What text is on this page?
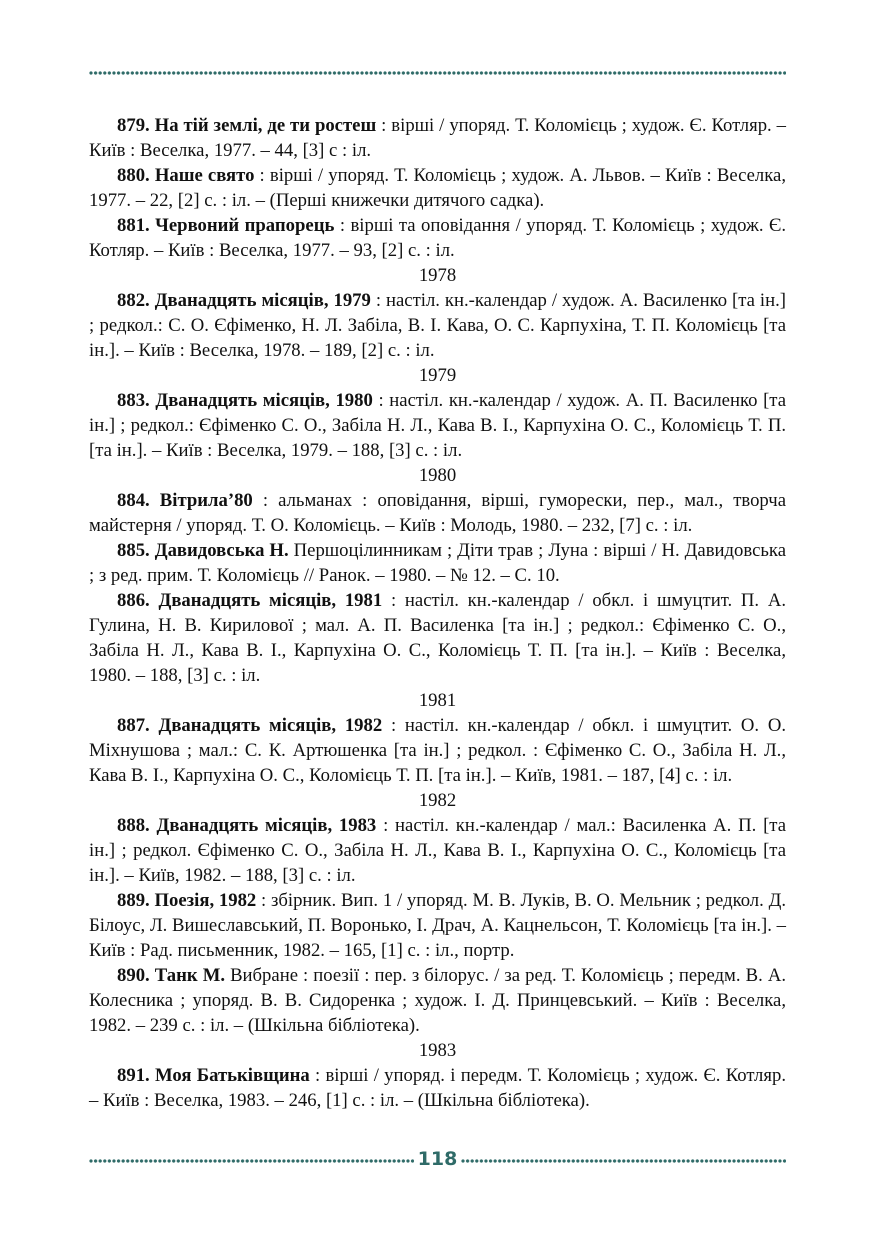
879. На тій землі, де ти ростеш : вірші / упоряд. Т. Коломієць ; худож. Є. Котляр. – Київ : Веселка, 1977. – 44, [3] с : іл.

880. Наше свято : вірші / упоряд. Т. Коломієць ; худож. А. Львов. – Київ : Веселка, 1977. – 22, [2] с. : іл. – (Перші книжечки дитячого садка).

881. Червоний прапорець : вірші та оповідання / упоряд. Т. Коломієць ; худож. Є. Котляр. – Київ : Веселка, 1977. – 93, [2] с. : іл.

1978

882. Дванадцять місяців, 1979 : настіл. кн.-календар / худож. А. Василенко [та ін.] ; редкол.: С. О. Єфіменко, Н. Л. Забіла, В. І. Кава, О. С. Карпухіна, Т. П. Коломієць [та ін.]. – Київ : Веселка, 1978. – 189, [2] с. : іл.

1979

883. Дванадцять місяців, 1980 : настіл. кн.-календар / худож. А. П. Василенко [та ін.] ; редкол.: Єфіменко С. О., Забіла Н. Л., Кава В. І., Карпухіна О. С., Коломієць Т. П. [та ін.]. – Київ : Веселка, 1979. – 188, [3] с. : іл.

1980

884. Вітрила’80 : альманах : оповідання, вірші, гуморески, пер., мал., творча майстерня / упоряд. Т. О. Коломієць. – Київ : Молодь, 1980. – 232, [7] с. : іл.

885. Давидовська Н. Першоцілинникам ; Діти трав ; Луна : вірші / Н. Давидовська ; з ред. прим. Т. Коломієць // Ранок. – 1980. – № 12. – С. 10.

886. Дванадцять місяців, 1981 : настіл. кн.-календар / обкл. і шмуцтит. П. А. Гулина, Н. В. Кирилової ; мал. А. П. Василенка [та ін.] ; редкол.: Єфіменко С. О., Забіла Н. Л., Кава В. І., Карпухіна О. С., Коломієць Т. П. [та ін.]. – Київ : Веселка, 1980. – 188, [3] с. : іл.

1981

887. Дванадцять місяців, 1982 : настіл. кн.-календар / обкл. і шмуцтит. О. О. Міхнушова ; мал.: С. К. Артюшенка [та ін.] ; редкол. : Єфіменко С. О., Забіла Н. Л., Кава В. І., Карпухіна О. С., Коломієць Т. П. [та ін.]. – Київ, 1981. – 187, [4] с. : іл.

1982

888. Дванадцять місяців, 1983 : настіл. кн.-календар / мал.: Василенка А. П. [та ін.] ; редкол. Єфіменко С. О., Забіла Н. Л., Кава В. І., Карпухіна О. С., Коломієць [та ін.]. – Київ, 1982. – 188, [3] с. : іл.

889. Поезія, 1982 : збірник. Вип. 1 / упоряд. М. В. Луків, В. О. Мельник ; редкол. Д. Білоус, Л. Вишеславський, П. Воронько, І. Драч, А. Кацнельсон, Т. Коломієць [та ін.]. – Київ : Рад. письменник, 1982. – 165, [1] с. : іл., портр.

890. Танк М. Вибране : поезії : пер. з білорус. / за ред. Т. Коломієць ; передм. В. А. Колесника ; упоряд. В. В. Сидоренка ; худож. І. Д. Принцевський. – Київ : Веселка, 1982. – 239 с. : іл. – (Шкільна бібліотека).

1983

891. Моя Батьківщина : вірші / упоряд. і передм. Т. Коломієць ; худож. Є. Котляр. – Київ : Веселка, 1983. – 246, [1] с. : іл. – (Шкільна бібліотека).

118
